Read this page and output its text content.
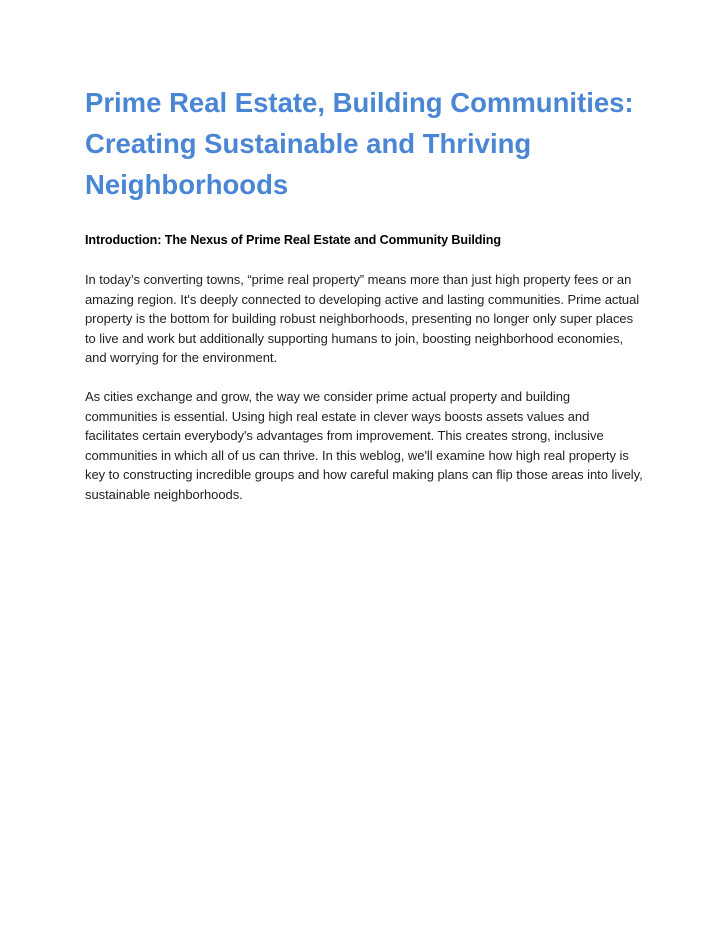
Prime Real Estate, Building Communities: Creating Sustainable and Thriving Neighborhoods

Introduction: The Nexus of Prime Real Estate and Community Building

In today’s converting towns, “prime real property” means more than just high property fees or an amazing region. It's deeply connected to developing active and lasting communities. Prime actual property is the bottom for building robust neighborhoods, presenting no longer only super places to live and work but additionally supporting humans to join, boosting neighborhood economies, and worrying for the environment.

As cities exchange and grow, the way we consider prime actual property and building communities is essential. Using high real estate in clever ways boosts assets values and facilitates certain everybody's advantages from improvement. This creates strong, inclusive communities in which all of us can thrive. In this weblog, we'll examine how high real property is key to constructing incredible groups and how careful making plans can flip those areas into lively, sustainable neighborhoods.
